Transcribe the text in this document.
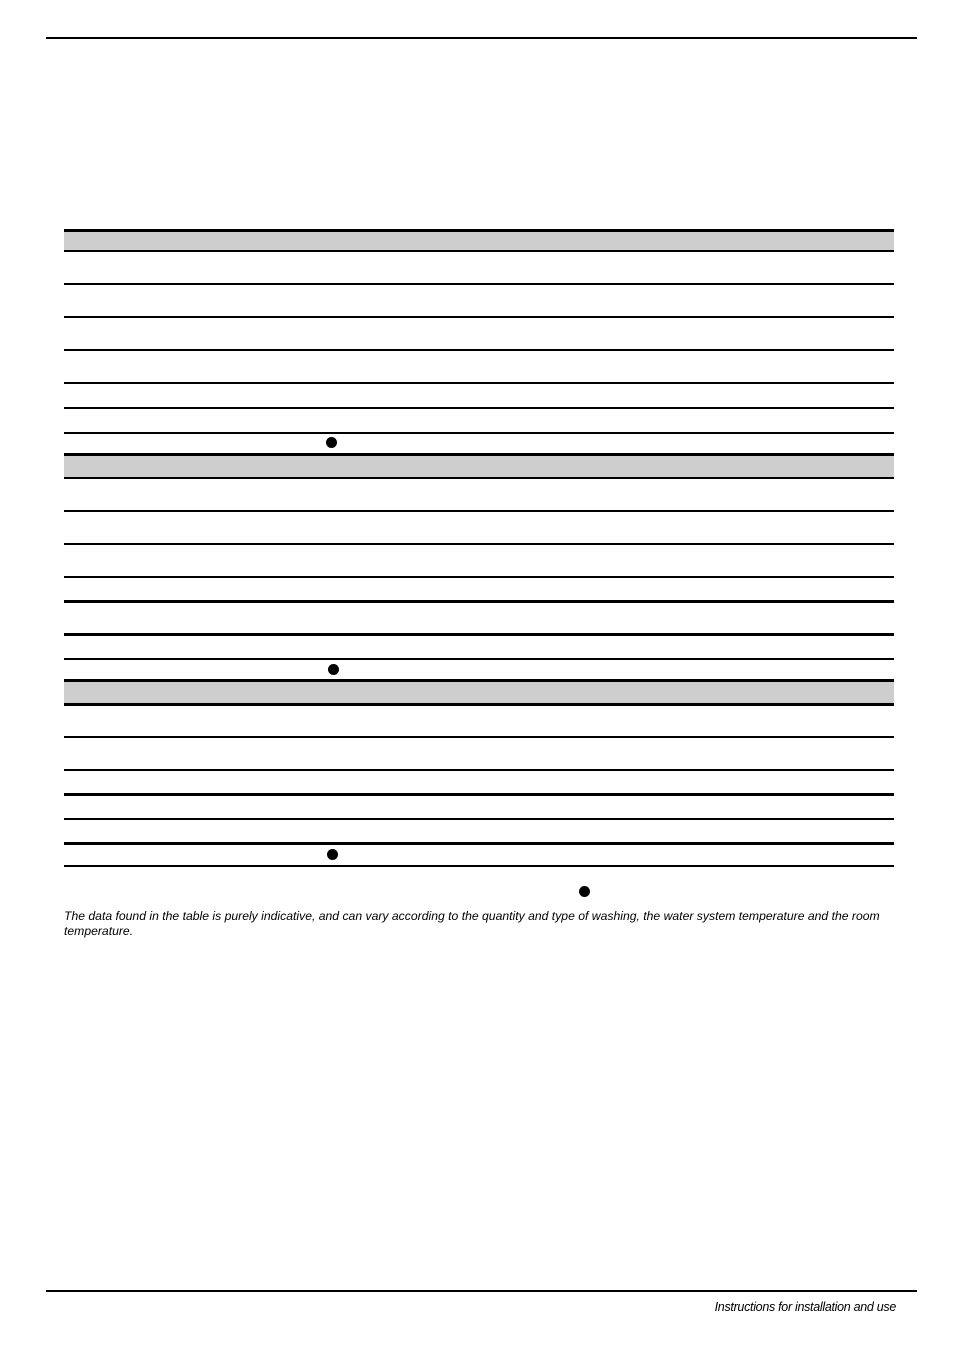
The data found in the table is purely indicative, and can vary according to the quantity and type of washing, the water system temperature and the room temperature.
Instructions for installation and use
